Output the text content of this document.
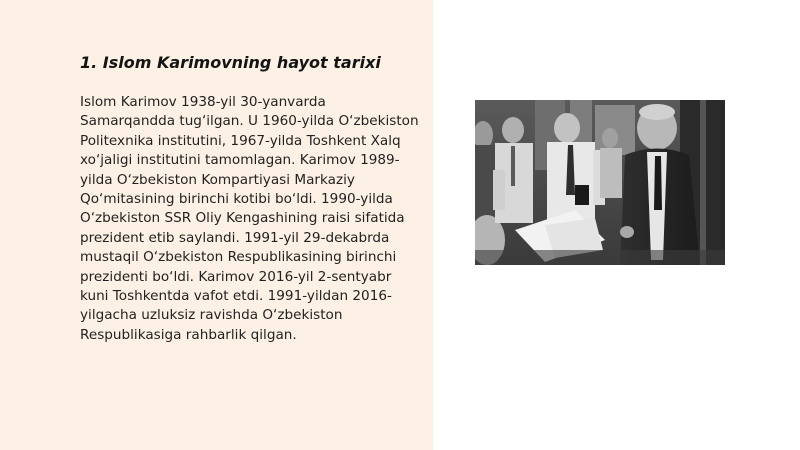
1. Islom Karimovning hayot tarixi

Islom Karimov 1938-yil 30-yanvarda Samarqandda tug‘ilgan. U 1960-yilda O‘zbekiston Politexnika institutini, 1967-yilda Toshkent Xalq xo‘jaligi institutini tamomlagan. Karimov 1989-yilda O‘zbekiston Kompartiyasi Markaziy Qo‘mitasining birinchi kotibi bo‘ldi. 1990-yilda O‘zbekiston SSR Oliy Kengashining raisi sifatida prezident etib saylandi. 1991-yil 29-dekabrda mustaqil O‘zbekiston Respublikasining birinchi prezidenti bo‘ldi. Karimov 2016-yil 2-sentyabr kuni Toshkentda vafot etdi. 1991-yildan 2016-yilgacha uzluksiz ravishda O‘zbekiston Respublikasiga rahbarlik qilgan.
